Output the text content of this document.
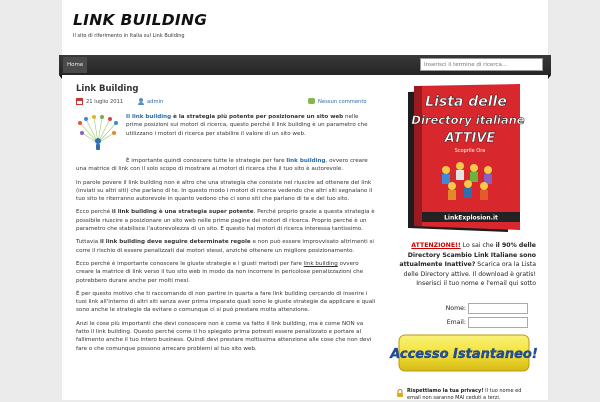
LINK BUILDING
Il sito di riferimento in Italia sul Link Building
Home
Inserisci il termine di ricerca...
Link Building
21 luglio 2011	admin	Nessun commento
Il link building è la strategia più potente per posizionare un sito web nelle prime posizioni sui motori di ricerca, questo perché il link building è un parametro che utilizzano i motori di ricerca per stabilire il valore di un sito web.

È importante quindi conoscere tutte le strategie per fare link building, ovvero creare una matrice di link con il solo scopo di mostrare ai motori di ricerca che il tuo sito è autorevole.

In parole povere il link building non è altro che una strategia che consiste nel riuscire ad ottenere dei link (inviati su altri siti) che parlano di te. In questo modo i motori di ricerca vedendo che altri siti segnalano il tuo sito te riterranno autorevole in quanto vedono che ci sono siti che parlano di te e del tuo sito.

Ecco perché il link building è una strategia super potente. Perché proprio grazie a questa strategia è possibile riuscire a posizionare un sito web nelle prime pagine dei motori di ricerca. Proprio perché è un parametro che stabilisce l'autorevolezza di un sito. E questo hai motori di ricerca interessa tantissimo.

Tuttavia il link building deve seguire determinate regole e non può essere improvvisato altrimenti si corre il rischio di essere penalizzati dai motori stessi, anziché ottenere un migliore posizionamento.

Ecco perché è importante conoscere le giuste strategie e i giusti metodi per fare link building ovvero creare la matrice di link verso il tuo sito web in modo da non incorrere in pericolose penalizzazioni che potrebbero durare anche per molti mesi.

È per questo motivo che ti raccomando di non partire in quarta a fare link building cercando di inserire i tuoi link all'interno di altri siti senza aver prima imparato quali sono le giuste strategie da applicare e quali sono anche le strategie da evitare o comunque ci si può prestare molta attenzione.

Anzi le cose più importanti che devi conoscere non è come va fatto il link building, ma è come NON va fatto il link building. Questo perché come ti ho spiegato prima potresti essere penalizzato e portare al fallimento anche il tuo intero business. Quindi devi prestare moltissima attenzione alle cose che non devi fare o che comunque possono arrecare problemi al tuo sito web.

Lista delle
Directory italiane
ATTIVE
Scoprile Ora
LinkExplosion.it
ATTENZIONE!! Lo sai che il 90% delle Directory Scambio Link Italiane sono attualmente Inattive? Scarica ora la Lista delle Directory attive. Il download è gratis! Inserisci il tuo nome e l'email qui sotto
Nome:
Email:
Accesso Istantaneo!
Rispettiamo la tua privacy! Il tuo nome ed email non saranno MAI ceduti a terzi.
